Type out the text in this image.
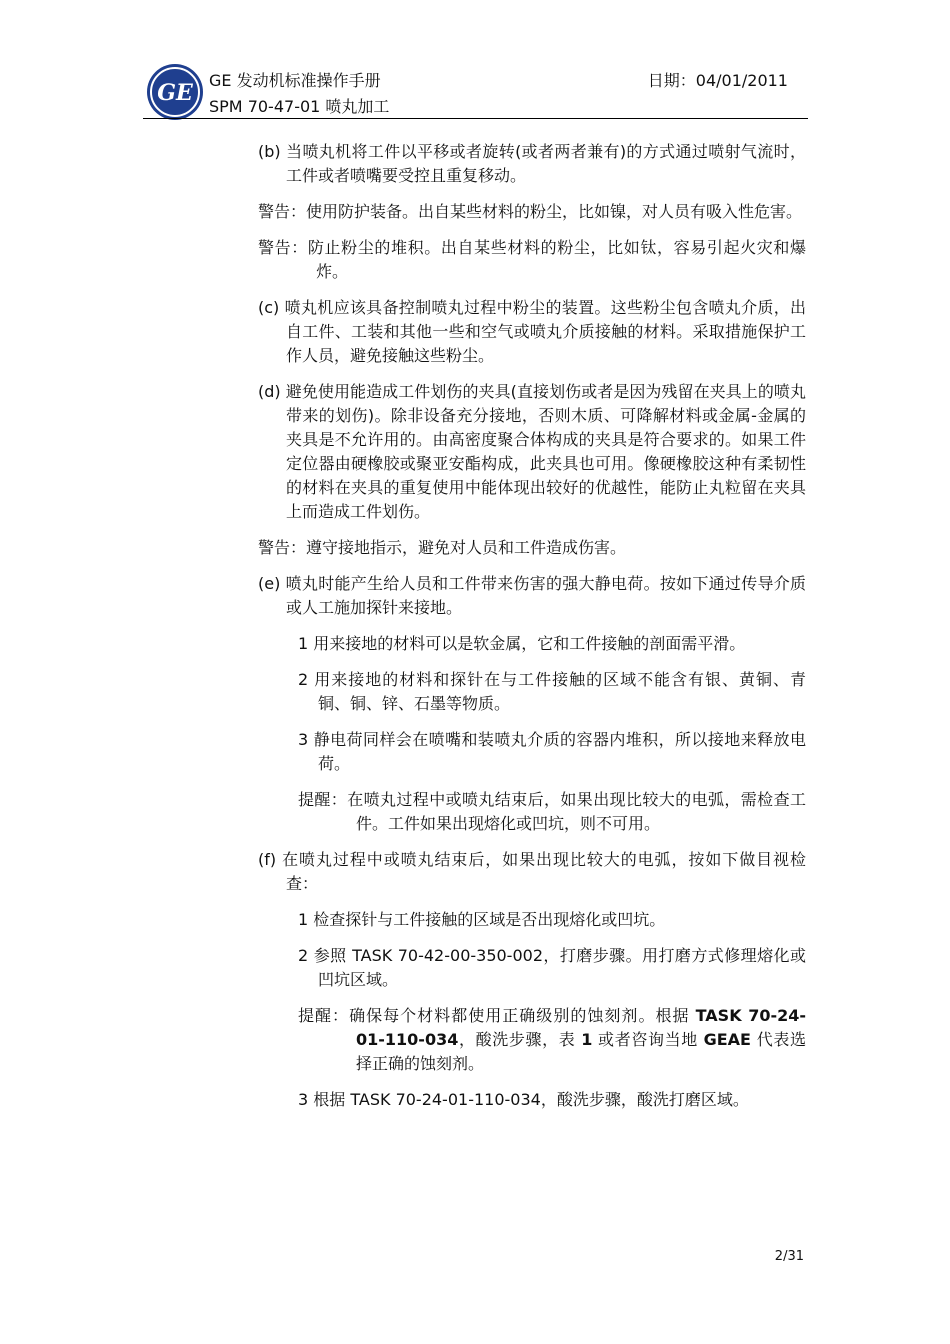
GE GE 发动机标准操作手册
SPM 70-47-01 喷丸加工
日期：04/01/2011
(b) 当喷丸机将工件以平移或者旋转(或者两者兼有)的方式通过喷射气流时，工件或者喷嘴要受控且重复移动。
警告：使用防护装备。出自某些材料的粉尘，比如镍，对人员有吸入性危害。
警告：防止粉尘的堆积。出自某些材料的粉尘，比如钛，容易引起火灾和爆炸。
(c) 喷丸机应该具备控制喷丸过程中粉尘的装置。这些粉尘包含喷丸介质，出自工件、工装和其他一些和空气或喷丸介质接触的材料。采取措施保护工作人员，避免接触这些粉尘。
(d) 避免使用能造成工件划伤的夹具(直接划伤或者是因为残留在夹具上的喷丸带来的划伤)。除非设备充分接地，否则木质、可降解材料或金属-金属的夹具是不允许用的。由高密度聚合体构成的夹具是符合要求的。如果工件定位器由硬橡胶或聚亚安酯构成，此夹具也可用。像硬橡胶这种有柔韧性的材料在夹具的重复使用中能体现出较好的优越性，能防止丸粒留在夹具上而造成工件划伤。
警告：遵守接地指示，避免对人员和工件造成伤害。
(e) 喷丸时能产生给人员和工件带来伤害的强大静电荷。按如下通过传导介质或人工施加探针来接地。
1 用来接地的材料可以是软金属，它和工件接触的剖面需平滑。
2 用来接地的材料和探针在与工件接触的区域不能含有银、黄铜、青铜、铜、锌、石墨等物质。
3 静电荷同样会在喷嘴和装喷丸介质的容器内堆积，所以接地来释放电荷。
提醒：在喷丸过程中或喷丸结束后，如果出现比较大的电弧，需检查工件。工件如果出现熔化或凹坑，则不可用。
(f) 在喷丸过程中或喷丸结束后，如果出现比较大的电弧，按如下做目视检查：
1 检查探针与工件接触的区域是否出现熔化或凹坑。
2 参照 TASK 70-42-00-350-002，打磨步骤。用打磨方式修理熔化或凹坑区域。
提醒：确保每个材料都使用正确级别的蚀刻剂。根据 TASK 70-24-01-110-034，酸洗步骤，表 1 或者咨询当地 GEAE 代表选择正确的蚀刻剂。
3 根据 TASK 70-24-01-110-034，酸洗步骤，酸洗打磨区域。
2/31
